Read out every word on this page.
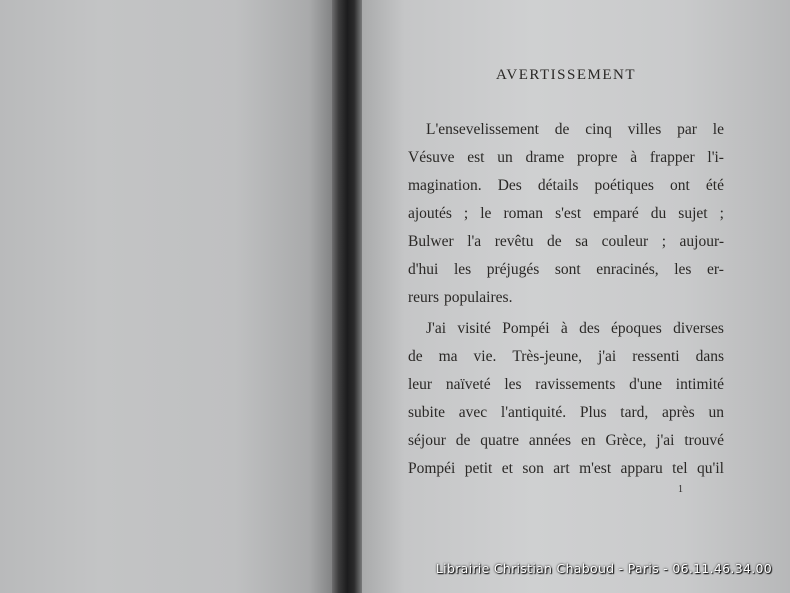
AVERTISSEMENT
L'ensevelissement de cinq villes par le
Vésuve est un drame propre à frapper l'i-
magination. Des détails poétiques ont été
ajoutés ; le roman s'est emparé du sujet ;
Bulwer l'a revêtu de sa couleur ; aujour-
d'hui les préjugés sont enracinés, les er-
reurs populaires.
J'ai visité Pompéi à des époques diverses
de ma vie. Très-jeune, j'ai ressenti dans
leur naïveté les ravissements d'une intimité
subite avec l'antiquité. Plus tard, après un
séjour de quatre années en Grèce, j'ai trouvé
Pompéi petit et son art m'est apparu tel qu'il
1
Librairie Christian Chaboud - Paris - 06.11.46.34.00
